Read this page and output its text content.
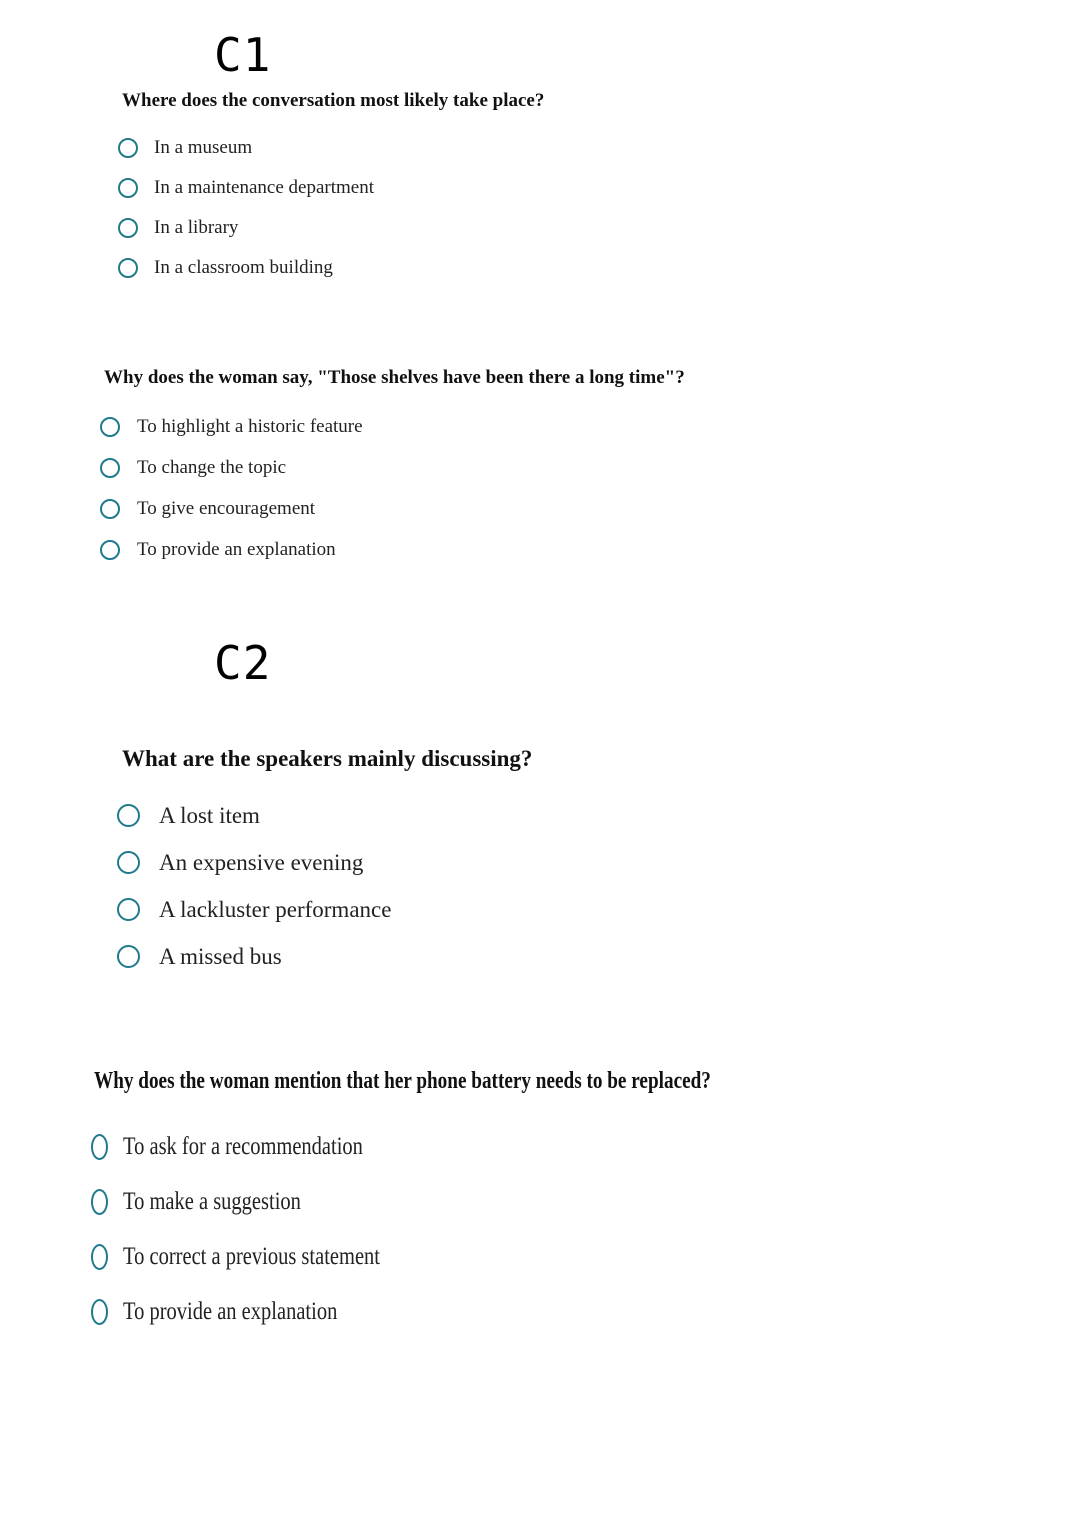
C1

Where does the conversation most likely take place?

In a museum
In a maintenance department
In a library
In a classroom building

Why does the woman say, "Those shelves have been there a long time"?

To highlight a historic feature
To change the topic
To give encouragement
To provide an explanation
C2

What are the speakers mainly discussing?

A lost item
An expensive evening
A lackluster performance
A missed bus

Why does the woman mention that her phone battery needs to be replaced?

To ask for a recommendation
To make a suggestion
To correct a previous statement
To provide an explanation
